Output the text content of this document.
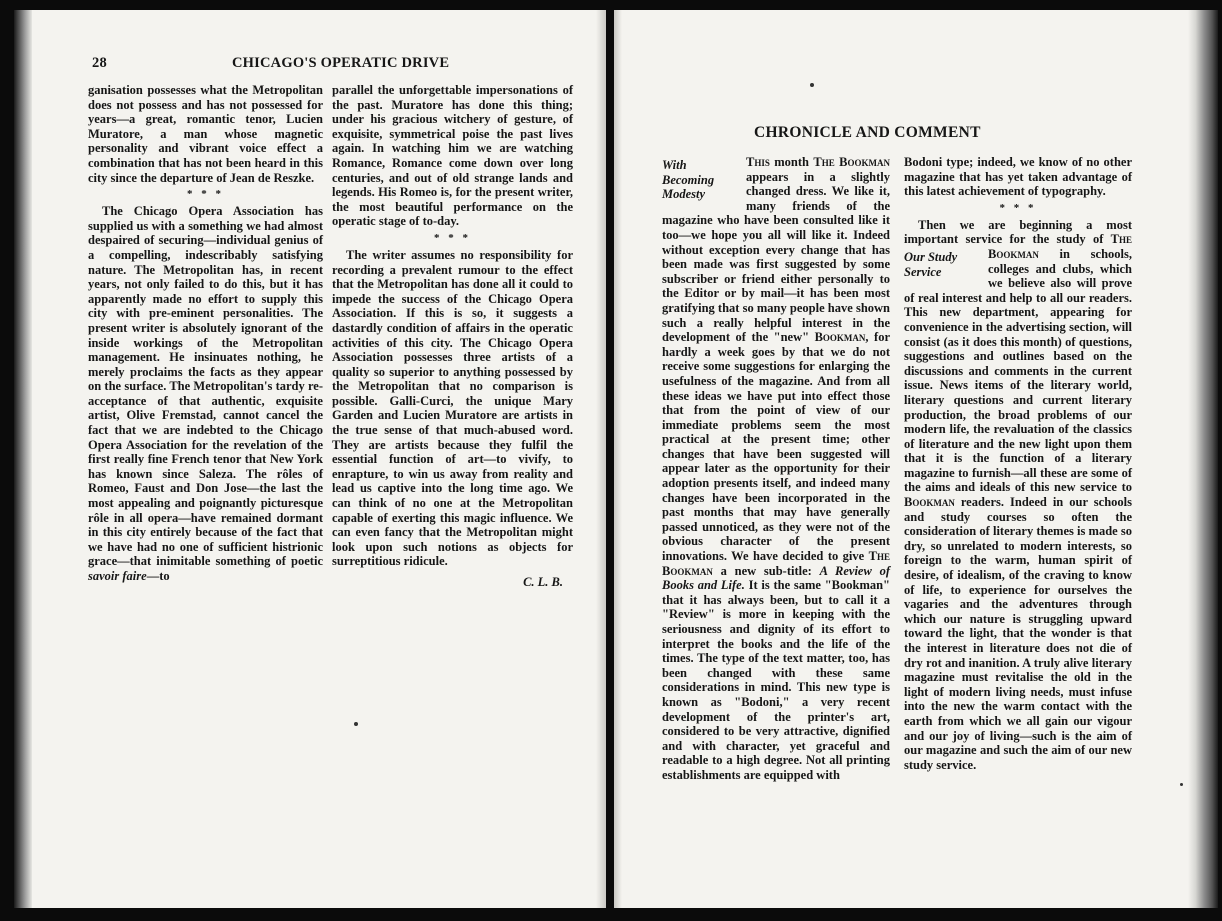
28	CHICAGO'S OPERATIC DRIVE

ganisation possesses what the Metropolitan does not possess and has not possessed for years—a great, romantic tenor, Lucien Muratore, a man whose magnetic personality and vibrant voice effect a combination that has not been heard in this city since the departure of Jean de Reszke.

* * *

The Chicago Opera Association has supplied us with a something we had almost despaired of securing—individual genius of a compelling, indescribably satisfying nature. The Metropolitan has, in recent years, not only failed to do this, but it has apparently made no effort to supply this city with pre-eminent personalities. The present writer is absolutely ignorant of the inside workings of the Metropolitan management. He insinuates nothing, he merely proclaims the facts as they appear on the surface. The Metropolitan's tardy re-acceptance of that authentic, exquisite artist, Olive Fremstad, cannot cancel the fact that we are indebted to the Chicago Opera Association for the revelation of the first really fine French tenor that New York has known since Saleza. The rôles of Romeo, Faust and Don Jose—the last the most appealing and poignantly picturesque rôle in all opera—have remained dormant in this city entirely because of the fact that we have had no one of sufficient histrionic grace—that inimitable something of poetic savoir faire—to

parallel the unforgettable impersonations of the past. Muratore has done this thing; under his gracious witchery of gesture, of exquisite, symmetrical poise the past lives again. In watching him we are watching Romance, Romance come down over long centuries, and out of old strange lands and legends. His Romeo is, for the present writer, the most beautiful performance on the operatic stage of to-day.

* * *

The writer assumes no responsibility for recording a prevalent rumour to the effect that the Metropolitan has done all it could to impede the success of the Chicago Opera Association. If this is so, it suggests a dastardly condition of affairs in the operatic activities of this city. The Chicago Opera Association possesses three artists of a quality so superior to anything possessed by the Metropolitan that no comparison is possible. Galli-Curci, the unique Mary Garden and Lucien Muratore are artists in the true sense of that much-abused word. They are artists because they fulfil the essential function of art—to vivify, to enrapture, to win us away from reality and lead us captive into the long time ago. We can think of no one at the Metropolitan capable of exerting this magic influence. We can even fancy that the Metropolitan might look upon such notions as objects for surreptitious ridicule.

C. L. B.
CHRONICLE AND COMMENT

With Becoming Modesty
This month The Bookman appears in a slightly changed dress. We like it, many friends of the magazine who have been consulted like it too—we hope you all will like it. Indeed without exception every change that has been made was first suggested by some subscriber or friend either personally to the Editor or by mail—it has been most gratifying that so many people have shown such a really helpful interest in the development of the "new" Bookman, for hardly a week goes by that we do not receive some suggestions for enlarging the usefulness of the magazine. And from all these ideas we have put into effect those that from the point of view of our immediate problems seem the most practical at the present time; other changes that have been suggested will appear later as the opportunity for their adoption presents itself, and indeed many changes have been incorporated in the past months that may have generally passed unnoticed, as they were not of the obvious character of the present innovations. We have decided to give The Bookman a new sub-title: A Review of Books and Life. It is the same "Bookman" that it has always been, but to call it a "Review" is more in keeping with the seriousness and dignity of its effort to interpret the books and the life of the times. The type of the text matter, too, has been changed with these same considerations in mind. This new type is known as "Bodoni," a very recent development of the printer's art, considered to be very attractive, dignified and with character, yet graceful and readable to a high degree. Not all printing establishments are equipped with

Bodoni type; indeed, we know of no other magazine that has yet taken advantage of this latest achievement of typography.

* * *

Then we are beginning a most important service for the study of The Bookman
Our Study Service
in schools, colleges and clubs, which we believe also will prove of real interest and help to all our readers. This new department, appearing for convenience in the advertising section, will consist (as it does this month) of questions, suggestions and outlines based on the discussions and comments in the current issue. News items of the literary world, literary questions and current literary production, the broad problems of our modern life, the revaluation of the classics of literature and the new light upon them that it is the function of a literary magazine to furnish—all these are some of the aims and ideals of this new service to Bookman readers. Indeed in our schools and study courses so often the consideration of literary themes is made so dry, so unrelated to modern interests, so foreign to the warm, human spirit of desire, of idealism, of the craving to know of life, to experience for ourselves the vagaries and the adventures through which our nature is struggling upward toward the light, that the wonder is that the interest in literature does not die of dry rot and inanition. A truly alive literary magazine must revitalise the old in the light of modern living needs, must infuse into the new the warm contact with the earth from which we all gain our vigour and our joy of living—such is the aim of our magazine and such the aim of our new study service.
